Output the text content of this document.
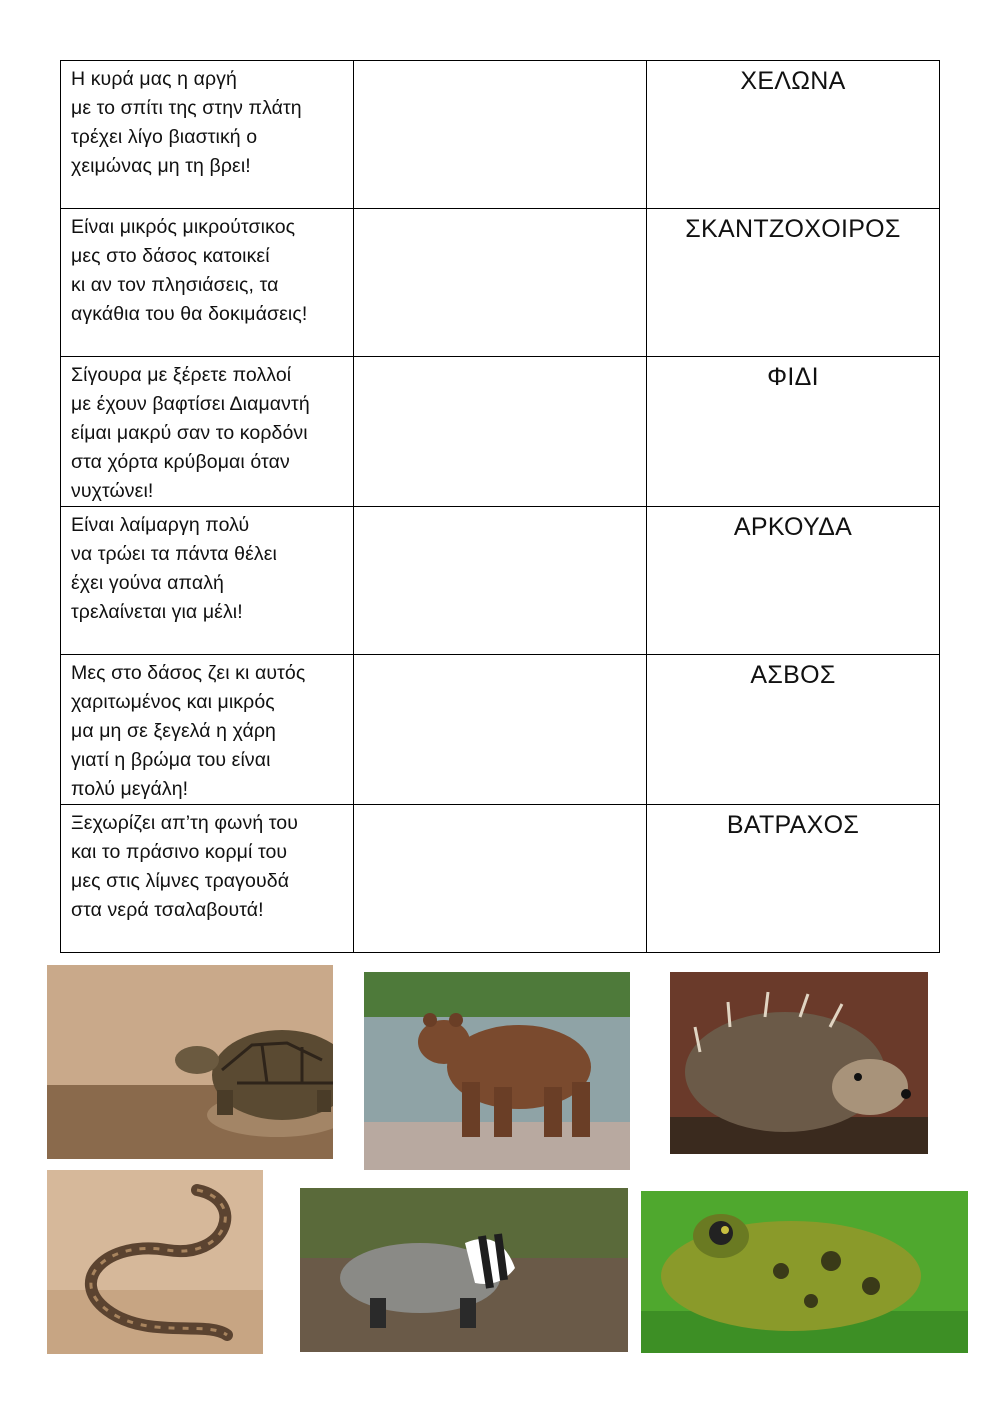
Η κυρά μας η αργή
με το σπίτι της στην πλάτη
τρέχει λίγο βιαστική ο
χειμώνας μη τη βρει!		ΧΕΛΩΝΑ

Είναι μικρός μικρούτσικος
μες στο δάσος κατοικεί
κι αν τον πλησιάσεις, τα
αγκάθια του θα δοκιμάσεις!		ΣΚΑΝΤΖΟΧΟΙΡΟΣ

Σίγουρα με ξέρετε πολλοί
με έχουν βαφτίσει Διαμαντή
είμαι μακρύ σαν το κορδόνι
στα χόρτα κρύβομαι όταν
νυχτώνει!		ΦΙΔΙ

Είναι λαίμαργη πολύ
να τρώει τα πάντα θέλει
έχει γούνα απαλή
τρελαίνεται για μέλι!		ΑΡΚΟΥΔΑ

Μες στο δάσος ζει κι αυτός
χαριτωμένος και μικρός
μα μη σε ξεγελά η χάρη
γιατί η βρώμα του είναι
πολύ μεγάλη!		ΑΣΒΟΣ

Ξεχωρίζει απ’τη φωνή του
και το πράσινο κορμί του
μες στις λίμνες τραγουδά
στα νερά τσαλαβουτά!		ΒΑΤΡΑΧΟΣ
